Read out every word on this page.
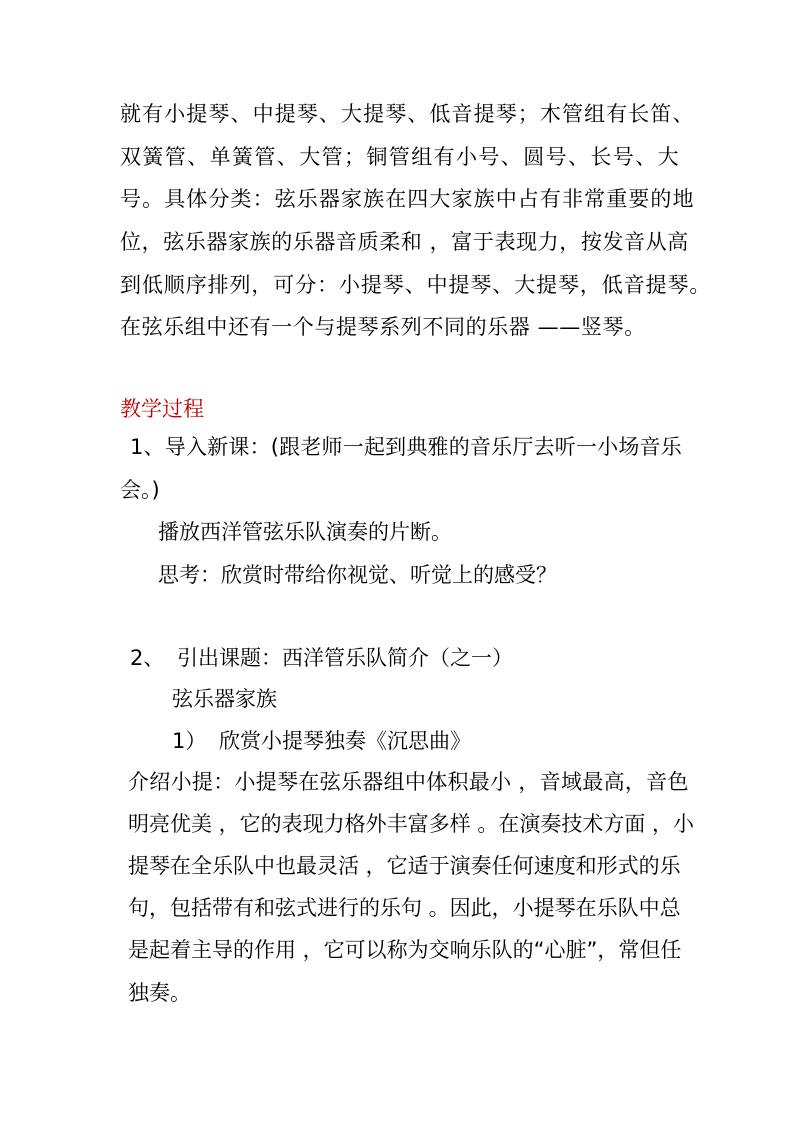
就有小提琴、中提琴、大提琴、低音提琴；木管组有长笛、
双簧管、单簧管、大管；铜管组有小号、圆号、长号、大
号。具体分类：弦乐器家族在四大家族中占有非常重要的地
位，弦乐器家族的乐器音质柔和 ，富于表现力，按发音从高
到低顺序排列，可分：小提琴、中提琴、大提琴，低音提琴。
在弦乐组中还有一个与提琴系列不同的乐器 ——竖琴。
教学过程
1、导入新课：(跟老师一起到典雅的音乐厅去听一小场音乐
会。)
播放西洋管弦乐队演奏的片断。
思考：欣赏时带给你视觉、听觉上的感受？
2、 引出课题：西洋管乐队简介（之一）
弦乐器家族
1） 欣赏小提琴独奏《沉思曲》
介绍小提：小提琴在弦乐器组中体积最小 ，音域最高，音色
明亮优美 ，它的表现力格外丰富多样 。在演奏技术方面 ，小
提琴在全乐队中也最灵活 ，它适于演奏任何速度和形式的乐
句，包括带有和弦式进行的乐句 。因此，小提琴在乐队中总
是起着主导的作用 ，它可以称为交响乐队的“心脏”，常但任
独奏。
